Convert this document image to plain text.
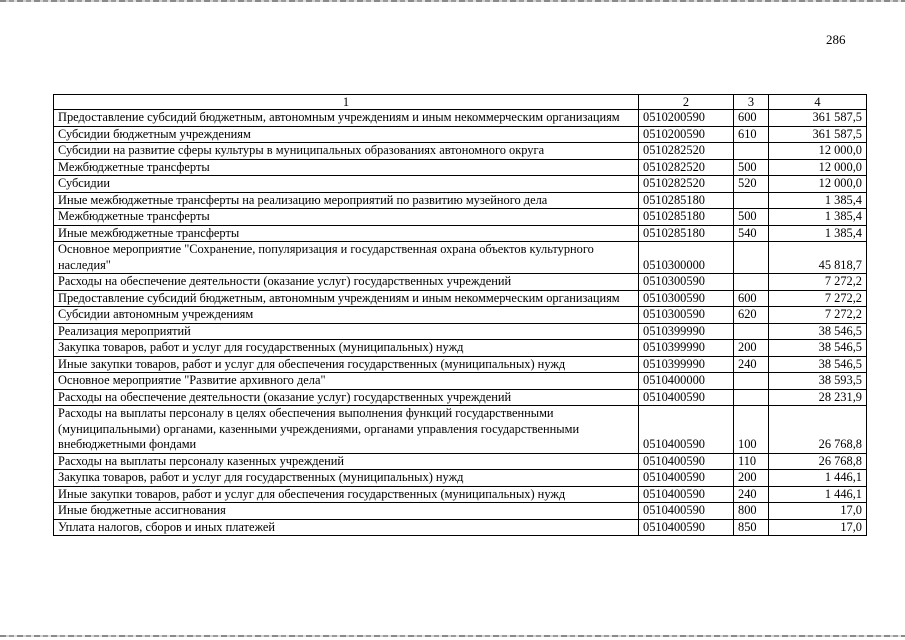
286
1	2	3	4
Предоставление субсидий бюджетным, автономным учреждениям и иным некоммерческим организациям	0510200590	600	361 587,5
Субсидии бюджетным учреждениям	0510200590	610	361 587,5
Субсидии на развитие сферы культуры в муниципальных образованиях автономного округа	0510282520		12 000,0
Межбюджетные трансферты	0510282520	500	12 000,0
Субсидии	0510282520	520	12 000,0
Иные межбюджетные трансферты на реализацию мероприятий по развитию музейного дела	0510285180		1 385,4
Межбюджетные трансферты	0510285180	500	1 385,4
Иные межбюджетные трансферты	0510285180	540	1 385,4
Основное мероприятие "Сохранение, популяризация и государственная охрана объектов культурного наследия"	0510300000		45 818,7
Расходы на обеспечение деятельности (оказание услуг) государственных учреждений	0510300590		7 272,2
Предоставление субсидий бюджетным, автономным учреждениям и иным некоммерческим организациям	0510300590	600	7 272,2
Субсидии автономным учреждениям	0510300590	620	7 272,2
Реализация мероприятий	0510399990		38 546,5
Закупка товаров, работ и услуг для государственных (муниципальных) нужд	0510399990	200	38 546,5
Иные закупки товаров, работ и услуг для обеспечения государственных (муниципальных) нужд	0510399990	240	38 546,5
Основное мероприятие "Развитие архивного дела"	0510400000		38 593,5
Расходы на обеспечение деятельности (оказание услуг) государственных учреждений	0510400590		28 231,9
Расходы на выплаты персоналу в целях обеспечения выполнения функций государственными (муниципальными) органами, казенными учреждениями, органами управления государственными внебюджетными фондами	0510400590	100	26 768,8
Расходы на выплаты персоналу казенных учреждений	0510400590	110	26 768,8
Закупка товаров, работ и услуг для государственных (муниципальных) нужд	0510400590	200	1 446,1
Иные закупки товаров, работ и услуг для обеспечения государственных (муниципальных) нужд	0510400590	240	1 446,1
Иные бюджетные ассигнования	0510400590	800	17,0
Уплата налогов, сборов и иных платежей	0510400590	850	17,0
